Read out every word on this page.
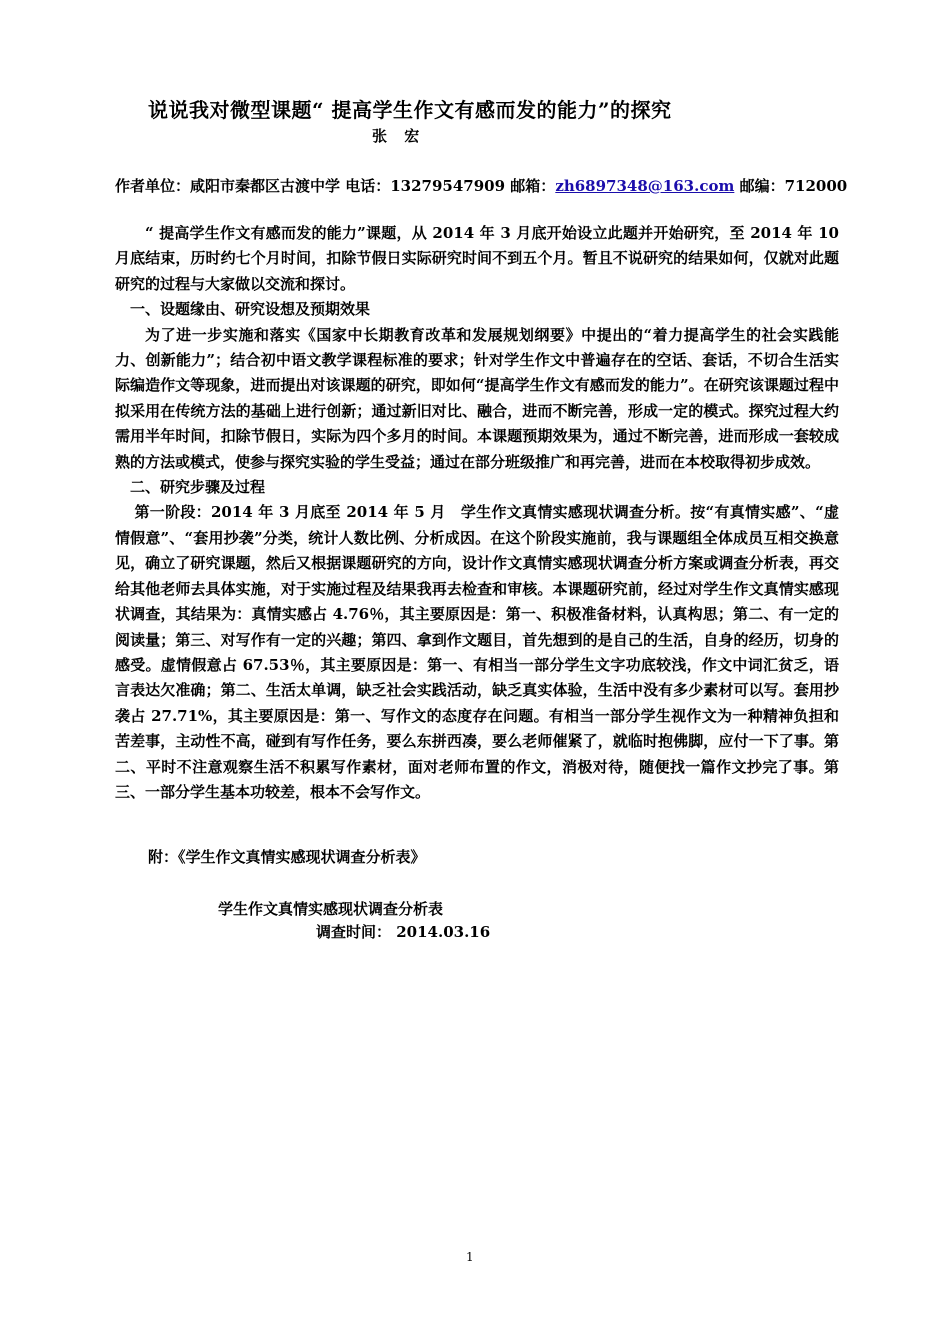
说说我对微型课题“ 提高学生作文有感而发的能力”的探究
张 宏
作者单位：咸阳市秦都区古渡中学 电话：13279547909 邮箱：zh6897348@163.com 邮编：712000

“ 提高学生作文有感而发的能力”课题，从 2014 年 3 月底开始设立此题并开始研究，至 2014 年 10 月底结束，历时约七个月时间，扣除节假日实际研究时间不到五个月。暂且不说研究的结果如何，仅就对此题研究的过程与大家做以交流和探讨。

一、设题缘由、研究设想及预期效果

为了进一步实施和落实《国家中长期教育改革和发展规划纲要》中提出的“着力提高学生的社会实践能力、创新能力”；结合初中语文教学课程标准的要求；针对学生作文中普遍存在的空话、套话，不切合生活实际编造作文等现象，进而提出对该课题的研究，即如何“提高学生作文有感而发的能力”。在研究该课题过程中拟采用在传统方法的基础上进行创新；通过新旧对比、融合，进而不断完善，形成一定的模式。探究过程大约需用半年时间，扣除节假日，实际为四个多月的时间。本课题预期效果为，通过不断完善，进而形成一套较成熟的方法或模式，使参与探究实验的学生受益；通过在部分班级推广和再完善，进而在本校取得初步成效。

二、研究步骤及过程

第一阶段：2014 年 3 月底至 2014 年 5 月　学生作文真情实感现状调查分析。按“有真情实感”、“虚情假意”、“套用抄袭”分类，统计人数比例、分析成因。在这个阶段实施前，我与课题组全体成员互相交换意见，确立了研究课题，然后又根据课题研究的方向，设计作文真情实感现状调查分析方案或调查分析表，再交给其他老师去具体实施，对于实施过程及结果我再去检查和审核。本课题研究前，经过对学生作文真情实感现状调查，其结果为：真情实感占 4.76％，其主要原因是：第一、积极准备材料，认真构思；第二、有一定的阅读量；第三、对写作有一定的兴趣；第四、拿到作文题目，首先想到的是自己的生活，自身的经历，切身的感受。虚情假意占 67.53％，其主要原因是：第一、有相当一部分学生文字功底较浅，作文中词汇贫乏，语言表达欠准确；第二、生活太单调，缺乏社会实践活动，缺乏真实体验，生活中没有多少素材可以写。套用抄袭占 27.71%，其主要原因是：第一、写作文的态度存在问题。有相当一部分学生视作文为一种精神负担和苦差事，主动性不高，碰到有写作任务，要么东拼西凑，要么老师催紧了，就临时抱佛脚，应付一下了事。第二、平时不注意观察生活不积累写作素材，面对老师布置的作文，消极对待，随便找一篇作文抄完了事。第三、一部分学生基本功较差，根本不会写作文。

附：《学生作文真情实感现状调查分析表》
学生作文真情实感现状调查分析表
调查时间： 2014.03.16
1
